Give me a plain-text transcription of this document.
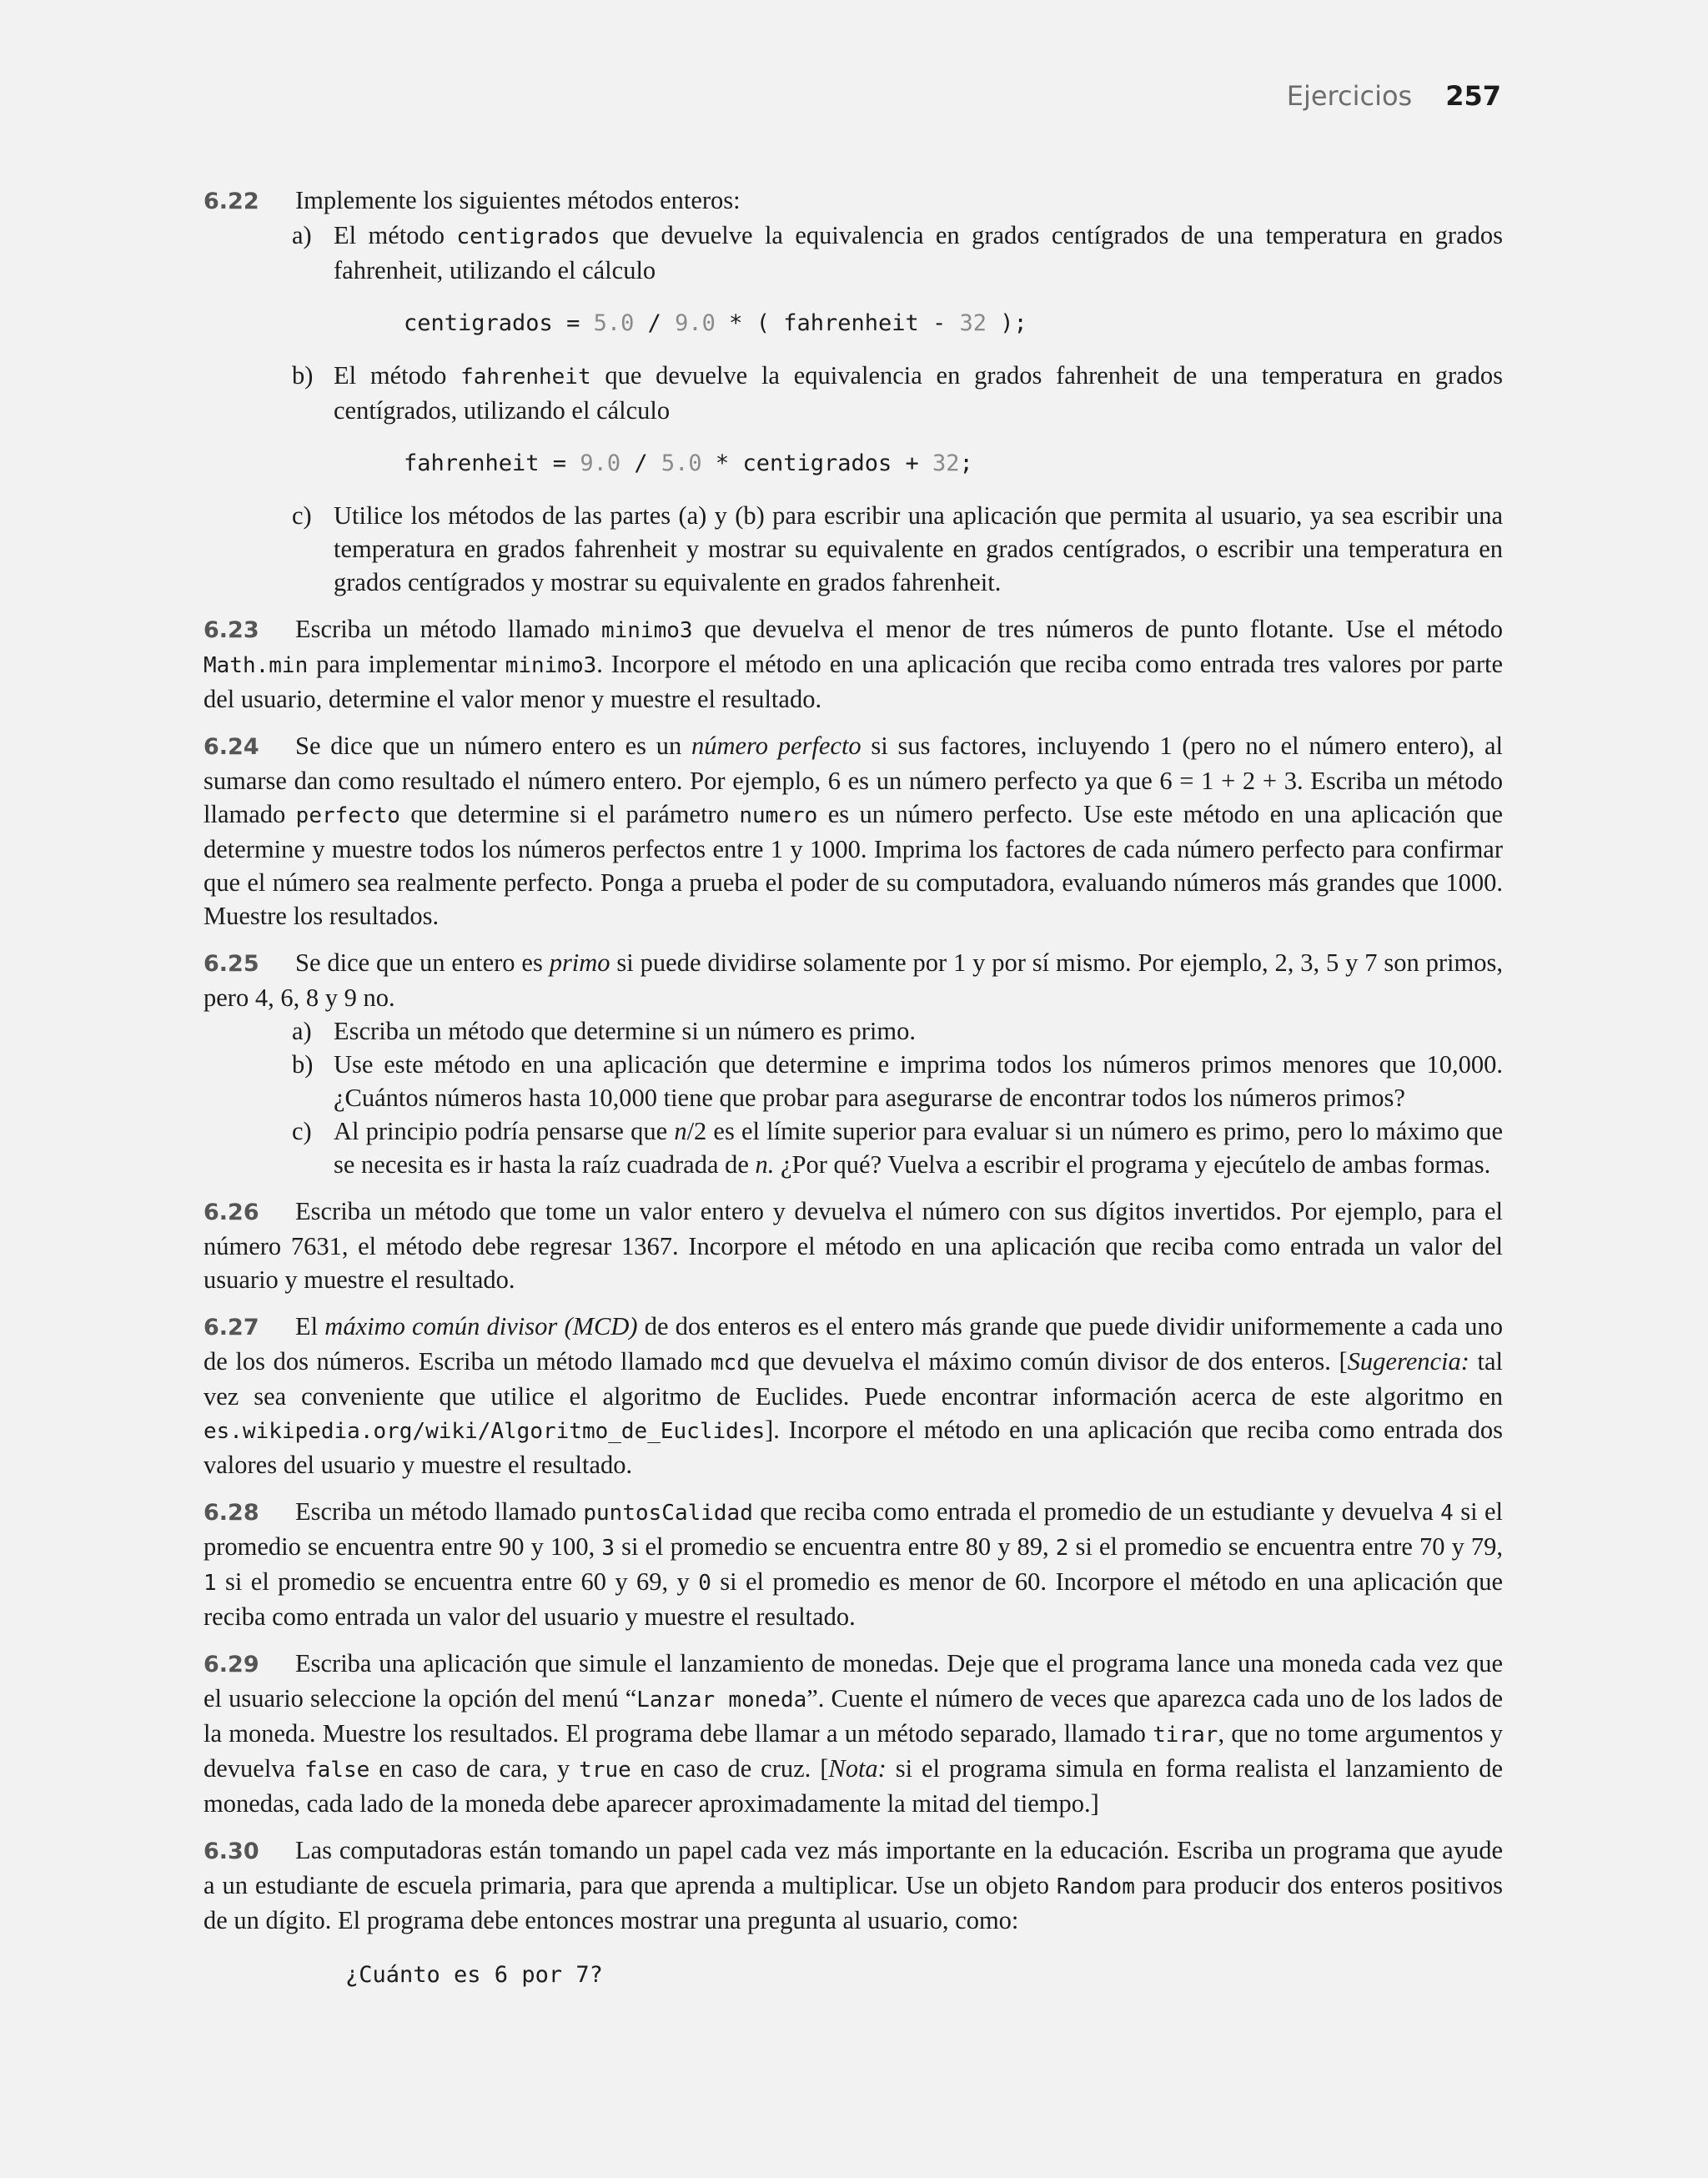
Ejercicios 257
6.22 Implemente los siguientes métodos enteros:
a) El método centigrados que devuelve la equivalencia en grados centígrados de una temperatura en grados fahrenheit, utilizando el cálculo
centigrados = 5.0 / 9.0 * ( fahrenheit - 32 );
b) El método fahrenheit que devuelve la equivalencia en grados fahrenheit de una temperatura en grados centígrados, utilizando el cálculo
fahrenheit = 9.0 / 5.0 * centigrados + 32;
c) Utilice los métodos de las partes (a) y (b) para escribir una aplicación que permita al usuario, ya sea escribir una temperatura en grados fahrenheit y mostrar su equivalente en grados centígrados, o escribir una temperatura en grados centígrados y mostrar su equivalente en grados fahrenheit.
6.23 Escriba un método llamado minimo3 que devuelva el menor de tres números de punto flotante. Use el método Math.min para implementar minimo3. Incorpore el método en una aplicación que reciba como entrada tres valores por parte del usuario, determine el valor menor y muestre el resultado.
6.24 Se dice que un número entero es un número perfecto si sus factores, incluyendo 1 (pero no el número entero), al sumarse dan como resultado el número entero. Por ejemplo, 6 es un número perfecto ya que 6 = 1 + 2 + 3. Escriba un método llamado perfecto que determine si el parámetro numero es un número perfecto. Use este método en una aplicación que determine y muestre todos los números perfectos entre 1 y 1000. Imprima los factores de cada número perfecto para confirmar que el número sea realmente perfecto. Ponga a prueba el poder de su computadora, evaluando números más grandes que 1000. Muestre los resultados.
6.25 Se dice que un entero es primo si puede dividirse solamente por 1 y por sí mismo. Por ejemplo, 2, 3, 5 y 7 son primos, pero 4, 6, 8 y 9 no.
a) Escriba un método que determine si un número es primo.
b) Use este método en una aplicación que determine e imprima todos los números primos menores que 10,000. ¿Cuántos números hasta 10,000 tiene que probar para asegurarse de encontrar todos los números primos?
c) Al principio podría pensarse que n/2 es el límite superior para evaluar si un número es primo, pero lo máximo que se necesita es ir hasta la raíz cuadrada de n. ¿Por qué? Vuelva a escribir el programa y ejecútelo de ambas formas.
6.26 Escriba un método que tome un valor entero y devuelva el número con sus dígitos invertidos. Por ejemplo, para el número 7631, el método debe regresar 1367. Incorpore el método en una aplicación que reciba como entrada un valor del usuario y muestre el resultado.
6.27 El máximo común divisor (MCD) de dos enteros es el entero más grande que puede dividir uniformemente a cada uno de los dos números. Escriba un método llamado mcd que devuelva el máximo común divisor de dos enteros. [Sugerencia: tal vez sea conveniente que utilice el algoritmo de Euclides. Puede encontrar información acerca de este algoritmo en es.wikipedia.org/wiki/Algoritmo_de_Euclides]. Incorpore el método en una aplicación que reciba como entrada dos valores del usuario y muestre el resultado.
6.28 Escriba un método llamado puntosCalidad que reciba como entrada el promedio de un estudiante y devuelva 4 si el promedio se encuentra entre 90 y 100, 3 si el promedio se encuentra entre 80 y 89, 2 si el promedio se encuentra entre 70 y 79, 1 si el promedio se encuentra entre 60 y 69, y 0 si el promedio es menor de 60. Incorpore el método en una aplicación que reciba como entrada un valor del usuario y muestre el resultado.
6.29 Escriba una aplicación que simule el lanzamiento de monedas. Deje que el programa lance una moneda cada vez que el usuario seleccione la opción del menú “Lanzar moneda”. Cuente el número de veces que aparezca cada uno de los lados de la moneda. Muestre los resultados. El programa debe llamar a un método separado, llamado tirar, que no tome argumentos y devuelva false en caso de cara, y true en caso de cruz. [Nota: si el programa simula en forma realista el lanzamiento de monedas, cada lado de la moneda debe aparecer aproximadamente la mitad del tiempo.]
6.30 Las computadoras están tomando un papel cada vez más importante en la educación. Escriba un programa que ayude a un estudiante de escuela primaria, para que aprenda a multiplicar. Use un objeto Random para producir dos enteros positivos de un dígito. El programa debe entonces mostrar una pregunta al usuario, como:
¿Cuánto es 6 por 7?
